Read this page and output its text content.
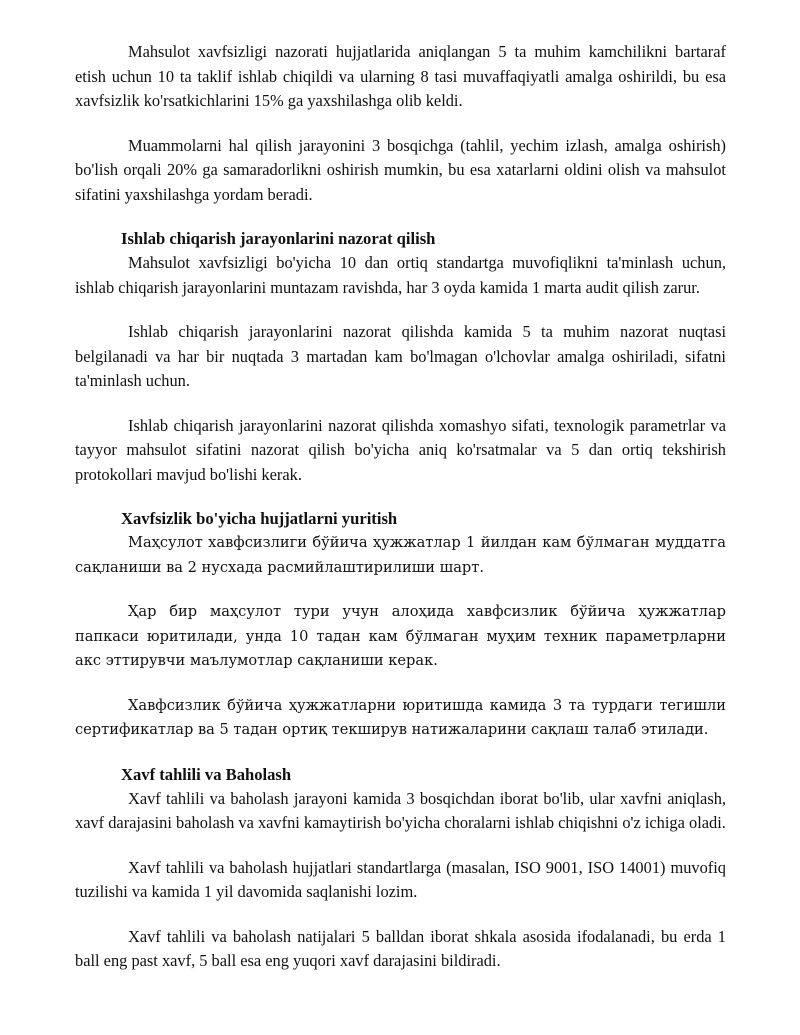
Mahsulot xavfsizligi nazorati hujjatlarida aniqlangan 5 ta muhim kamchilikni bartaraf etish uchun 10 ta taklif ishlab chiqildi va ularning 8 tasi muvaffaqiyatli amalga oshirildi, bu esa xavfsizlik ko'rsatkichlarini 15% ga yaxshilashga olib keldi.

Muammolarni hal qilish jarayonini 3 bosqichga (tahlil, yechim izlash, amalga oshirish) bo'lish orqali 20% ga samaradorlikni oshirish mumkin, bu esa xatarlarni oldini olish va mahsulot sifatini yaxshilashga yordam beradi.

Ishlab chiqarish jarayonlarini nazorat qilish

Mahsulot xavfsizligi bo'yicha 10 dan ortiq standartga muvofiqlikni ta'minlash uchun, ishlab chiqarish jarayonlarini muntazam ravishda, har 3 oyda kamida 1 marta audit qilish zarur.

Ishlab chiqarish jarayonlarini nazorat qilishda kamida 5 ta muhim nazorat nuqtasi belgilanadi va har bir nuqtada 3 martadan kam bo'lmagan o'lchovlar amalga oshiriladi, sifatni ta'minlash uchun.

Ishlab chiqarish jarayonlarini nazorat qilishda xomashyo sifati, texnologik parametrlar va tayyor mahsulot sifatini nazorat qilish bo'yicha aniq ko'rsatmalar va 5 dan ortiq tekshirish protokollari mavjud bo'lishi kerak.

Xavfsizlik bo'yicha hujjatlarni yuritish

Маҳсулот хавфсизлиги бўйича ҳужжатлар 1 йилдан кам бўлмаган муддатга сақланиши ва 2 нусхада расмийлаштирилиши шарт.

Ҳар бир маҳсулот тури учун алоҳида хавфсизлик бўйича ҳужжатлар папкаси юритилади, унда 10 тадан кам бўлмаган муҳим техник параметрларни акс эттирувчи маълумотлар сақланиши керак.

Хавфсизлик бўйича ҳужжатларни юритишда камида 3 та турдаги тегишли сертификатлар ва 5 тадан ортиқ текширув натижаларини сақлаш талаб этилади.

Xavf tahlili va Baholash

Xavf tahlili va baholash jarayoni kamida 3 bosqichdan iborat bo'lib, ular xavfni aniqlash, xavf darajasini baholash va xavfni kamaytirish bo'yicha choralarni ishlab chiqishni o'z ichiga oladi.

Xavf tahlili va baholash hujjatlari standartlarga (masalan, ISO 9001, ISO 14001) muvofiq tuzilishi va kamida 1 yil davomida saqlanishi lozim.

Xavf tahlili va baholash natijalari 5 balldan iborat shkala asosida ifodalanadi, bu erda 1 ball eng past xavf, 5 ball esa eng yuqori xavf darajasini bildiradi.
